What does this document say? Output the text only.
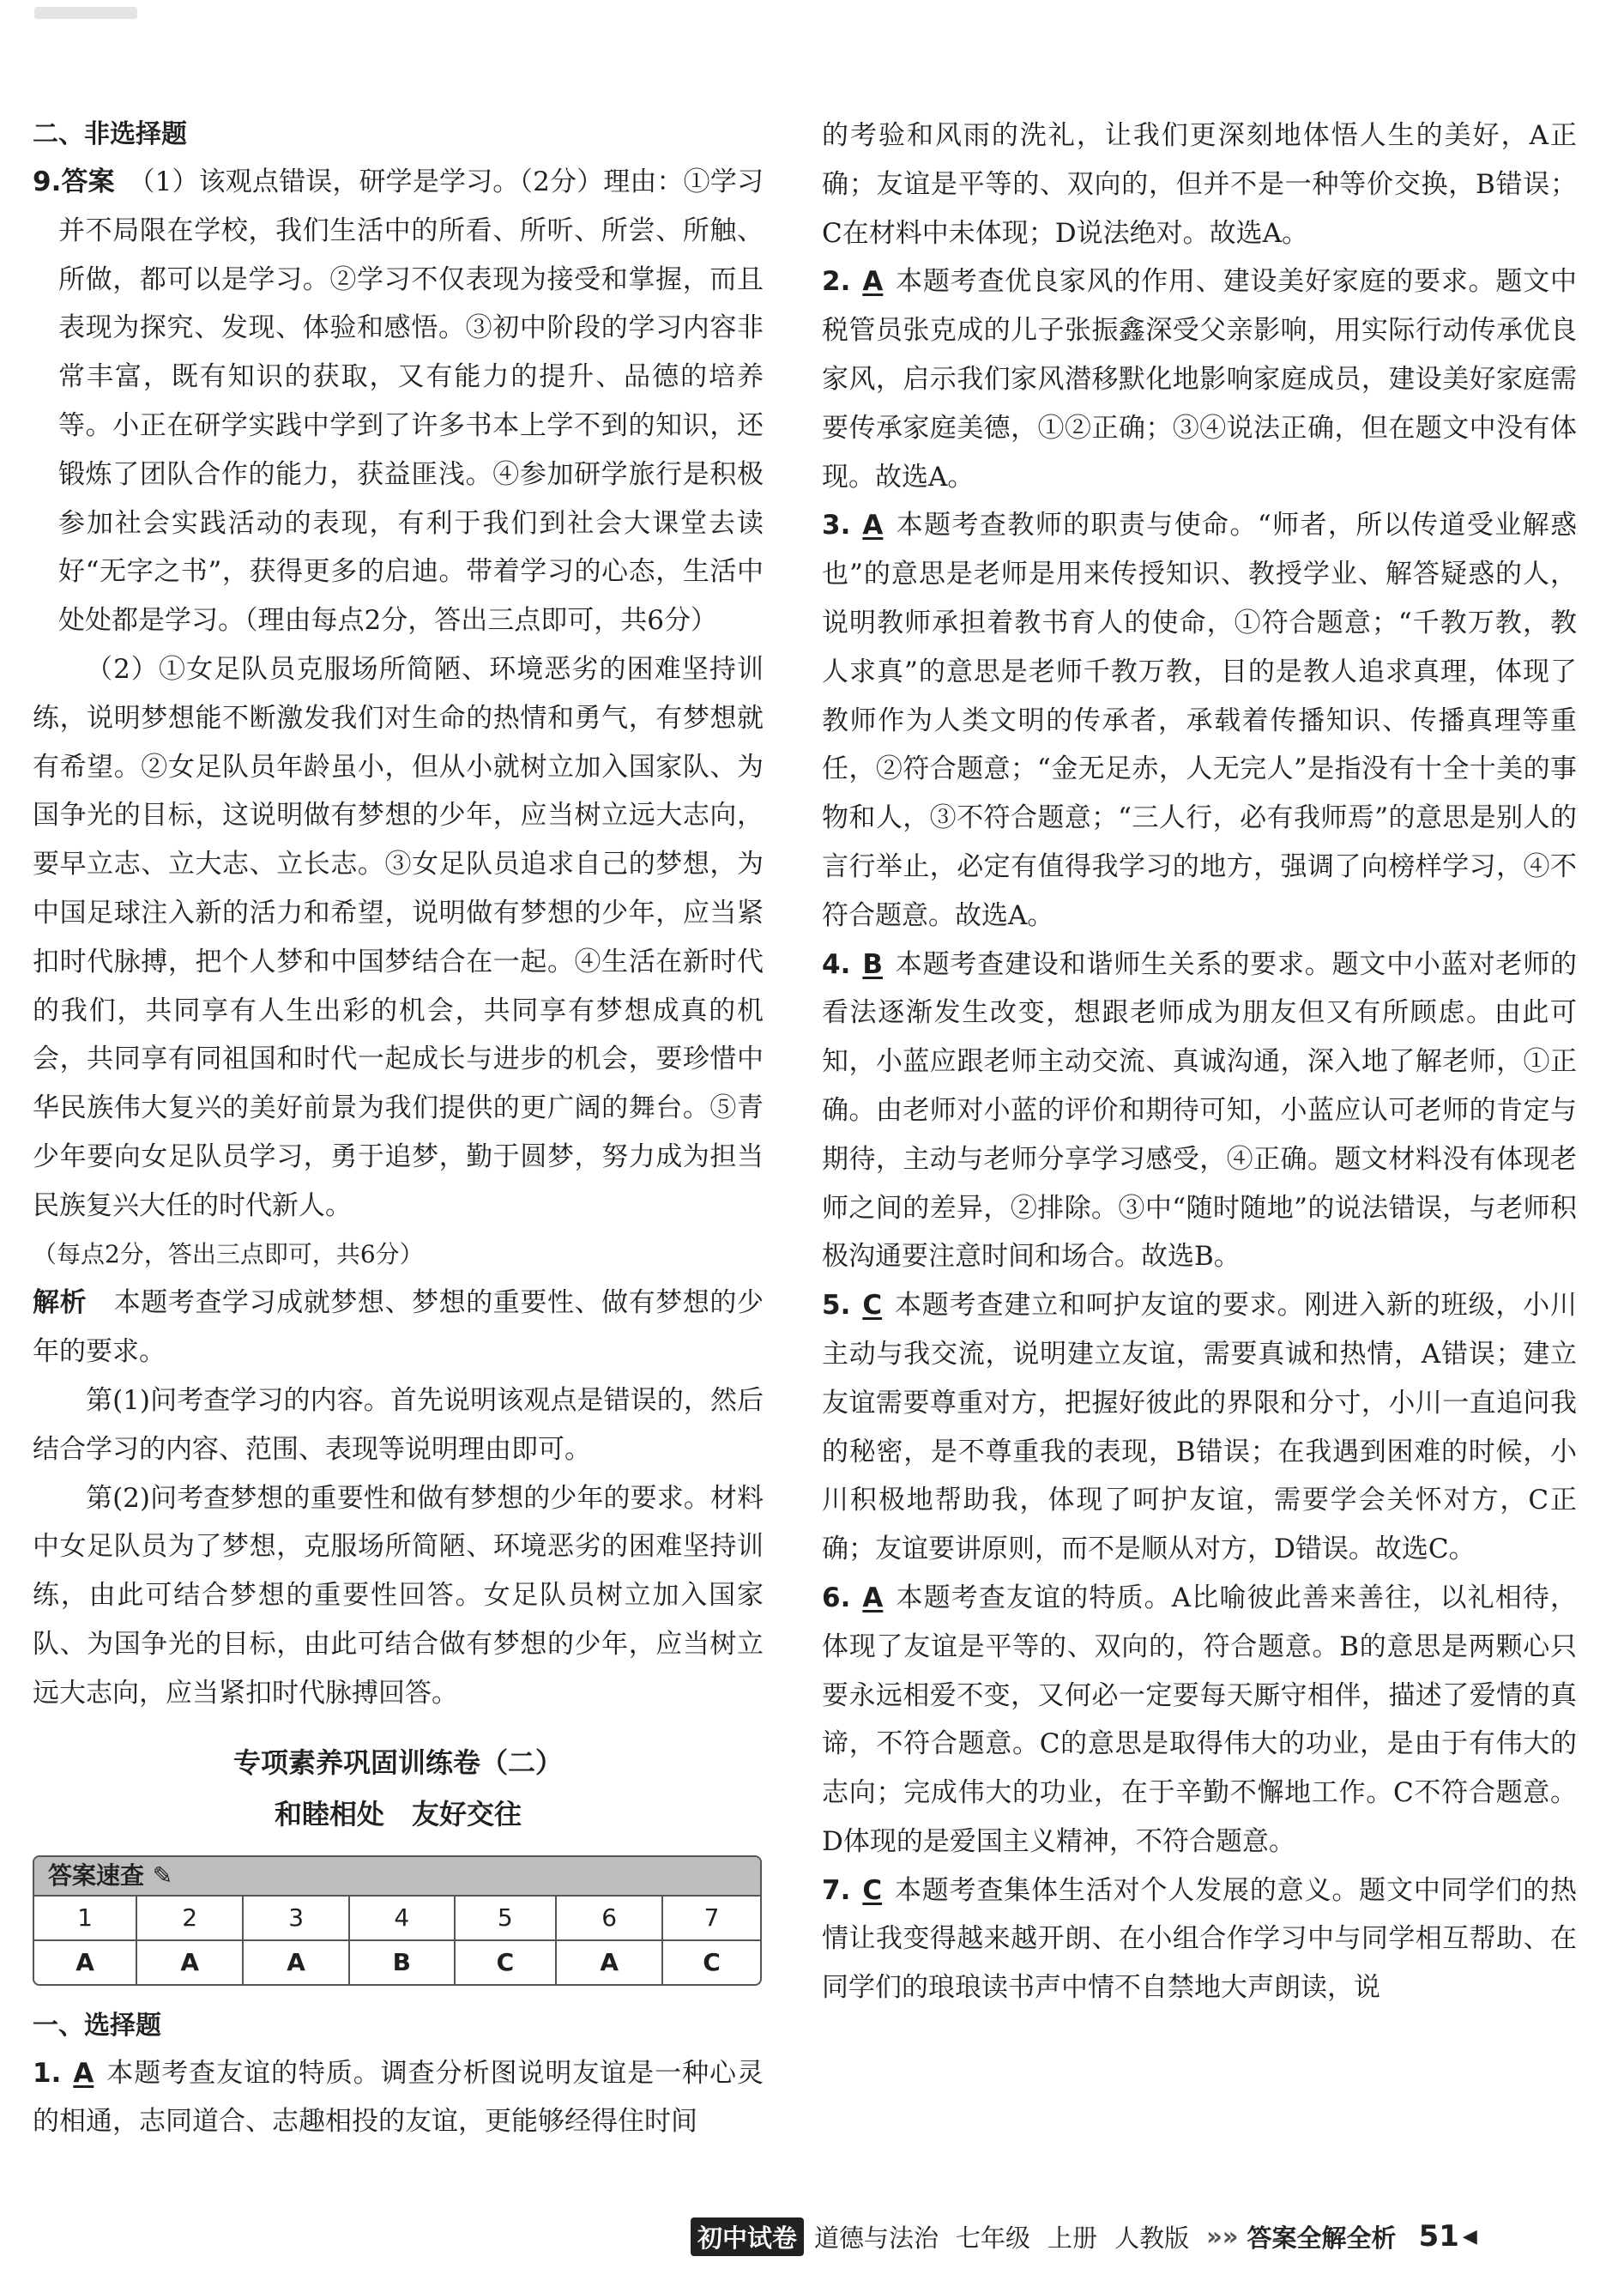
二、非选择题

9.答案　 （1）该观点错误，研学是学习。（2分）理由：①学习并不局限在学校，我们生活中的所看、所听、所尝、所触、所做，都可以是学习。②学习不仅表现为接受和掌握，而且表现为探究、发现、体验和感悟。③初中阶段的学习内容非常丰富，既有知识的获取，又有能力的提升、品德的培养等。小正在研学实践中学到了许多书本上学不到的知识，还锻炼了团队合作的能力，获益匪浅。④参加研学旅行是积极参加社会实践活动的表现，有利于我们到社会大课堂去读好“无字之书”，获得更多的启迪。带着学习的心态，生活中处处都是学习。（理由每点2分，答出三点即可，共6分）

（2）①女足队员克服场所简陋、环境恶劣的困难坚持训练，说明梦想能不断激发我们对生命的热情和勇气，有梦想就有希望。②女足队员年龄虽小，但从小就树立加入国家队、为国争光的目标，这说明做有梦想的少年，应当树立远大志向，要早立志、立大志、立长志。③女足队员追求自己的梦想，为中国足球注入新的活力和希望，说明做有梦想的少年，应当紧扣时代脉搏，把个人梦和中国梦结合在一起。④生活在新时代的我们，共同享有人生出彩的机会，共同享有梦想成真的机会，共同享有同祖国和时代一起成长与进步的机会，要珍惜中华民族伟大复兴的美好前景为我们提供的更广阔的舞台。⑤青少年要向女足队员学习，勇于追梦，勤于圆梦，努力成为担当民族复兴大任的时代新人。

（每点2分，答出三点即可，共6分）

解析　 本题考查学习成就梦想、梦想的重要性、做有梦想的少年的要求。

第(1)问考查学习的内容。首先说明该观点是错误的，然后结合学习的内容、范围、表现等说明理由即可。

第(2)问考查梦想的重要性和做有梦想的少年的要求。材料中女足队员为了梦想，克服场所简陋、环境恶劣的困难坚持训练，由此可结合梦想的重要性回答。女足队员树立加入国家队、为国争光的目标，由此可结合做有梦想的少年，应当树立远大志向，应当紧扣时代脉搏回答。

专项素养巩固训练卷（二）

和睦相处　友好交往

答案速查 ✎
1	2	3	4	5	6	7
A	A	A	B	C	A	C

一、选择题

1. A 本题考查友谊的特质。调查分析图说明友谊是一种心灵的相通，志同道合、志趣相投的友谊，更能够经得住时间

的考验和风雨的洗礼，让我们更深刻地体悟人生的美好，A正确；友谊是平等的、双向的，但并不是一种等价交换，B错误；C在材料中未体现；D说法绝对。故选A。

2. A 本题考查优良家风的作用、建设美好家庭的要求。题文中税管员张克成的儿子张振鑫深受父亲影响，用实际行动传承优良家风，启示我们家风潜移默化地影响家庭成员，建设美好家庭需要传承家庭美德，①②正确；③④说法正确，但在题文中没有体现。故选A。

3. A 本题考查教师的职责与使命。“师者，所以传道受业解惑也”的意思是老师是用来传授知识、教授学业、解答疑惑的人，说明教师承担着教书育人的使命，①符合题意；“千教万教，教人求真”的意思是老师千教万教，目的是教人追求真理，体现了教师作为人类文明的传承者，承载着传播知识、传播真理等重任，②符合题意；“金无足赤，人无完人”是指没有十全十美的事物和人，③不符合题意；“三人行，必有我师焉”的意思是别人的言行举止，必定有值得我学习的地方，强调了向榜样学习，④不符合题意。故选A。

4. B 本题考查建设和谐师生关系的要求。题文中小蓝对老师的看法逐渐发生改变，想跟老师成为朋友但又有所顾虑。由此可知，小蓝应跟老师主动交流、真诚沟通，深入地了解老师，①正确。由老师对小蓝的评价和期待可知，小蓝应认可老师的肯定与期待，主动与老师分享学习感受，④正确。题文材料没有体现老师之间的差异，②排除。③中“随时随地”的说法错误，与老师积极沟通要注意时间和场合。故选B。

5. C 本题考查建立和呵护友谊的要求。刚进入新的班级，小川主动与我交流，说明建立友谊，需要真诚和热情，A错误；建立友谊需要尊重对方，把握好彼此的界限和分寸，小川一直追问我的秘密，是不尊重我的表现，B错误；在我遇到困难的时候，小川积极地帮助我，体现了呵护友谊，需要学会关怀对方，C正确；友谊要讲原则，而不是顺从对方，D错误。故选C。

6. A 本题考查友谊的特质。A比喻彼此善来善往，以礼相待，体现了友谊是平等的、双向的，符合题意。B的意思是两颗心只要永远相爱不变，又何必一定要每天厮守相伴，描述了爱情的真谛，不符合题意。C的意思是取得伟大的功业，是由于有伟大的志向；完成伟大的功业，在于辛勤不懈地工作。C不符合题意。D体现的是爱国主义精神，不符合题意。

7. C 本题考查集体生活对个人发展的意义。题文中同学们的热情让我变得越来越开朗、在小组合作学习中与同学相互帮助、在同学们的琅琅读书声中情不自禁地大声朗读，说

初中试卷 道德与法治 七年级 上册 人教版 »» 答案全解全析 51 ◀
